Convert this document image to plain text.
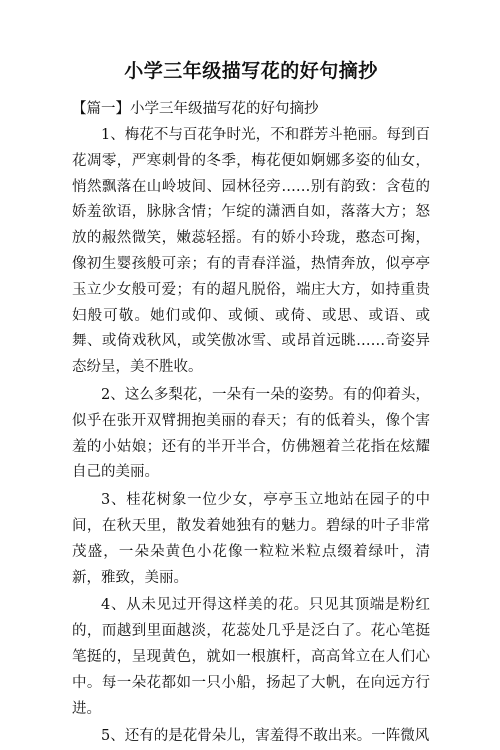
小学三年级描写花的好句摘抄
【篇一】小学三年级描写花的好句摘抄

1、梅花不与百花争时光，不和群芳斗艳丽。每到百花凋零，严寒刺骨的冬季，梅花便如婀娜多姿的仙女，悄然飘落在山岭坡间、园林径旁……别有韵致：含苞的娇羞欲语，脉脉含情；乍绽的潇洒自如，落落大方；怒放的赧然微笑，嫩蕊轻摇。有的娇小玲珑，憨态可掬，像初生婴孩般可亲；有的青春洋溢，热情奔放，似亭亭玉立少女般可爱；有的超凡脱俗，端庄大方，如持重贵妇般可敬。她们或仰、或倾、或倚、或思、或语、或舞、或倚戏秋风，或笑傲冰雪、或昂首远眺……奇姿异态纷呈，美不胜收。

2、这么多梨花，一朵有一朵的姿势。有的仰着头，似乎在张开双臂拥抱美丽的春天；有的低着头，像个害羞的小姑娘；还有的半开半合，仿佛翘着兰花指在炫耀自己的美丽。

3、桂花树象一位少女，亭亭玉立地站在园子的中间，在秋天里，散发着她独有的魅力。碧绿的叶子非常茂盛，一朵朵黄色小花像一粒粒米粒点缀着绿叶，清新，雅致，美丽。

4、从未见过开得这样美的花。只见其顶端是粉红的，而越到里面越淡，花蕊处几乎是泛白了。花心笔挺笔挺的，呈现黄色，就如一根旗杆，高高耸立在人们心中。每一朵花都如一只小船，扬起了大帆，在向远方行进。

5、还有的是花骨朵儿，害羞得不敢出来。一阵微风
